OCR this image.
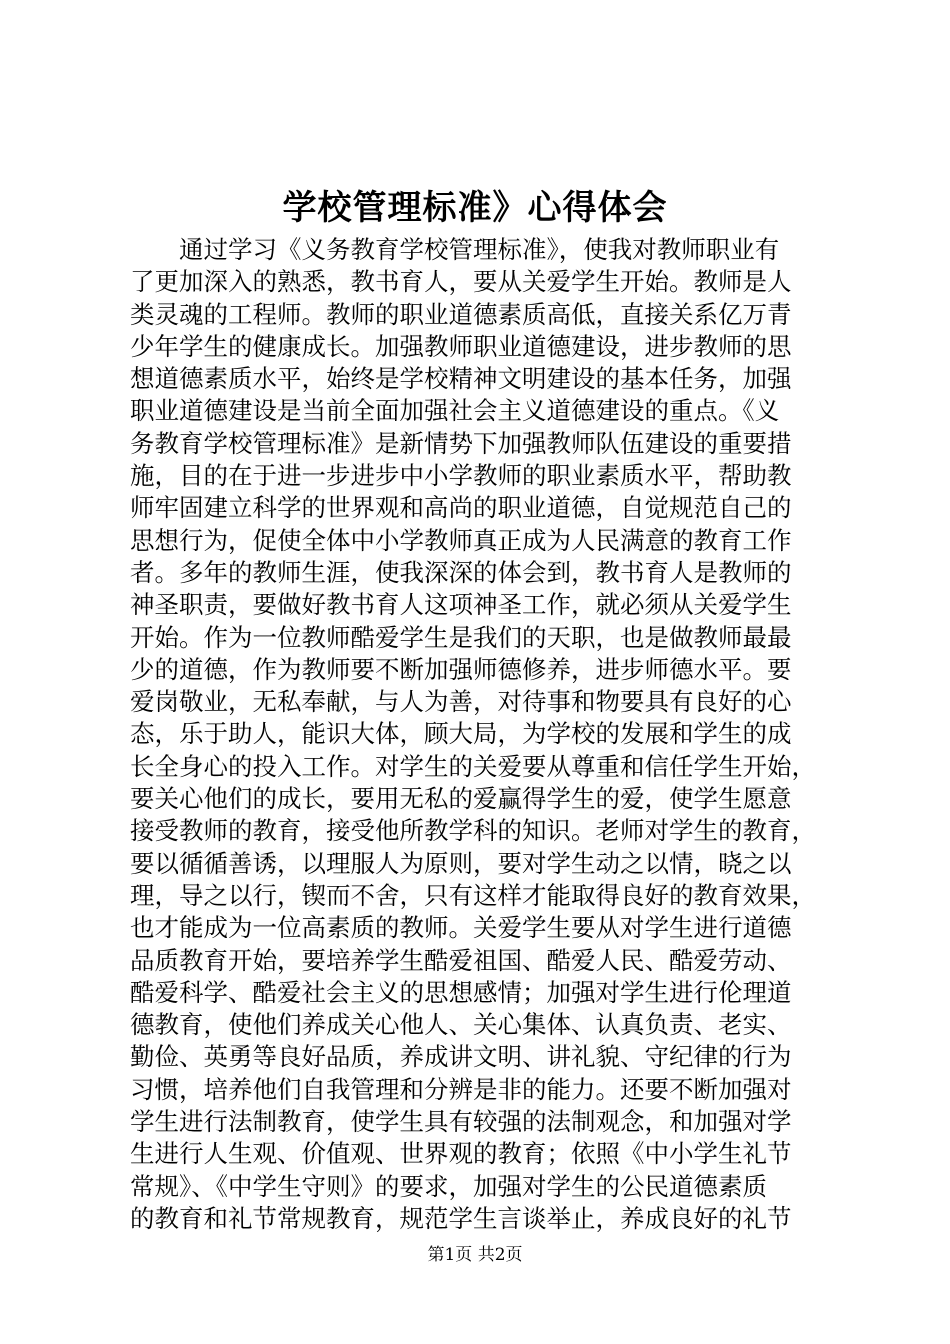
学校管理标准》心得体会
　　通过学习《义务教育学校管理标准》，使我对教师职业有
了更加深入的熟悉，教书育人，要从关爱学生开始。教师是人
类灵魂的工程师。教师的职业道德素质高低，直接关系亿万青
少年学生的健康成长。加强教师职业道德建设，进步教师的思
想道德素质水平，始终是学校精神文明建设的基本任务，加强
职业道德建设是当前全面加强社会主义道德建设的重点。《义
务教育学校管理标准》是新情势下加强教师队伍建设的重要措
施，目的在于进一步进步中小学教师的职业素质水平，帮助教
师牢固建立科学的世界观和高尚的职业道德，自觉规范自己的
思想行为，促使全体中小学教师真正成为人民满意的教育工作
者。多年的教师生涯，使我深深的体会到，教书育人是教师的
神圣职责，要做好教书育人这项神圣工作，就必须从关爱学生
开始。作为一位教师酷爱学生是我们的天职，也是做教师最最
少的道德，作为教师要不断加强师德修养，进步师德水平。要
爱岗敬业，无私奉献，与人为善，对待事和物要具有良好的心
态，乐于助人，能识大体，顾大局，为学校的发展和学生的成
长全身心的投入工作。对学生的关爱要从尊重和信任学生开始，
要关心他们的成长，要用无私的爱赢得学生的爱，使学生愿意
接受教师的教育，接受他所教学科的知识。老师对学生的教育，
要以循循善诱，以理服人为原则，要对学生动之以情，晓之以
理，导之以行，锲而不舍，只有这样才能取得良好的教育效果，
也才能成为一位高素质的教师。关爱学生要从对学生进行道德
品质教育开始，要培养学生酷爱祖国、酷爱人民、酷爱劳动、
酷爱科学、酷爱社会主义的思想感情；加强对学生进行伦理道
德教育，使他们养成关心他人、关心集体、认真负责、老实、
勤俭、英勇等良好品质，养成讲文明、讲礼貌、守纪律的行为
习惯，培养他们自我管理和分辨是非的能力。还要不断加强对
学生进行法制教育，使学生具有较强的法制观念，和加强对学
生进行人生观、价值观、世界观的教育；依照《中小学生礼节
常规》、《中学生守则》的要求，加强对学生的公民道德素质
的教育和礼节常规教育，规范学生言谈举止，养成良好的礼节
第1页 共2页
